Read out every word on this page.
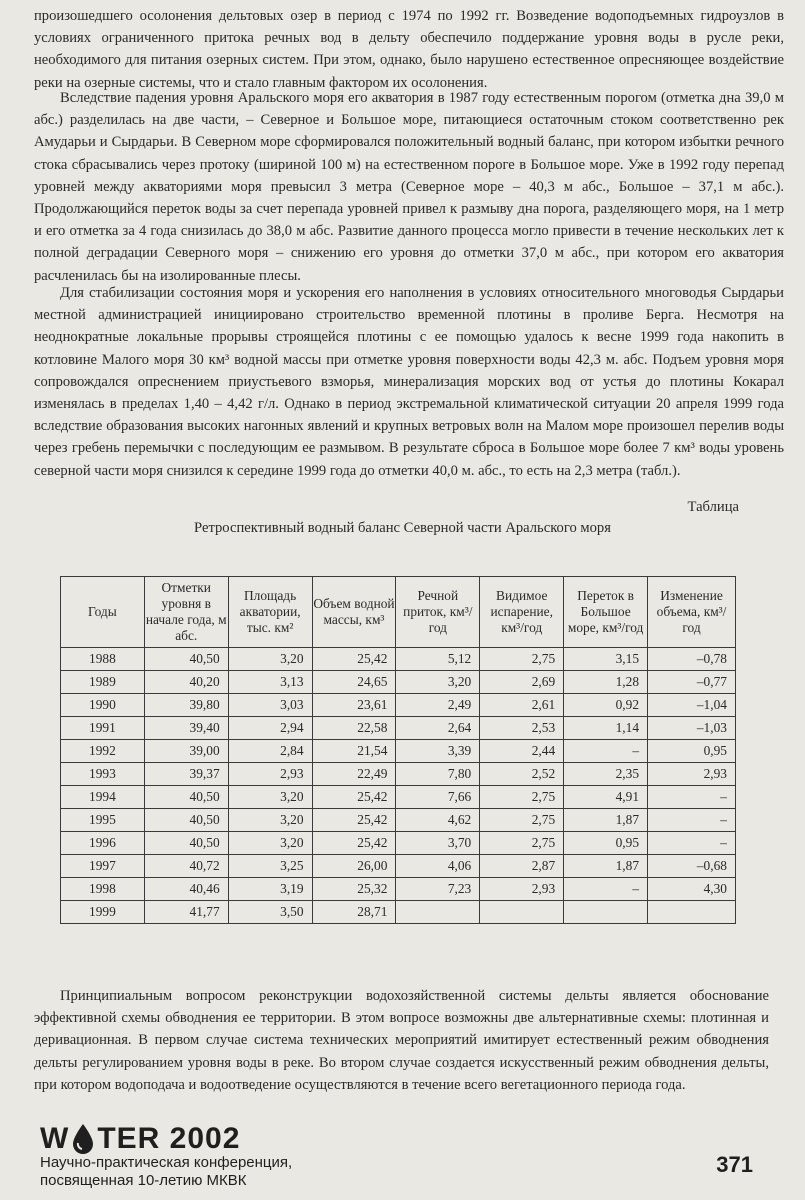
произошедшего осолонения дельтовых озер в период с 1974 по 1992 гг. Возведение водоподъемных гидроузлов в условиях ограниченного притока речных вод в дельту обеспечило поддержание уровня воды в русле реки, необходимого для питания озерных систем. При этом, однако, было нарушено естественное опресняющее воздействие реки на озерные системы, что и стало главным фактором их осолонения.

Вследствие падения уровня Аральского моря его акватория в 1987 году естественным порогом (отметка дна 39,0 м абс.) разделилась на две части, – Северное и Большое море, питающиеся остаточным стоком соответственно рек Амударьи и Сырдарьи. В Северном море сформировался положительный водный баланс, при котором избытки речного стока сбрасывались через протоку (шириной 100 м) на естественном пороге в Большое море. Уже в 1992 году перепад уровней между акваториями моря превысил 3 метра (Северное море – 40,3 м абс., Большое – 37,1 м абс.). Продолжающийся переток воды за счет перепада уровней привел к размыву дна порога, разделяющего моря, на 1 метр и его отметка за 4 года снизилась до 38,0 м абс. Развитие данного процесса могло привести в течение нескольких лет к полной деградации Северного моря – снижению его уровня до отметки 37,0 м абс., при котором его акватория расчленилась бы на изолированные плесы.

Для стабилизации состояния моря и ускорения его наполнения в условиях относительного многоводья Сырдарьи местной администрацией инициировано строительство временной плотины в проливе Берга. Несмотря на неоднократные локальные прорывы строящейся плотины с ее помощью удалось к весне 1999 года накопить в котловине Малого моря 30 км³ водной массы при отметке уровня поверхности воды 42,3 м. абс. Подъем уровня моря сопровождался опреснением приустьевого взморья, минерализация морских вод от устья до плотины Кокарал изменялась в пределах 1,40 – 4,42 г/л. Однако в период экстремальной климатической ситуации 20 апреля 1999 года вследствие образования высоких нагонных явлений и крупных ветровых волн на Малом море произошел перелив воды через гребень перемычки с последующим ее размывом. В результате сброса в Большое море более 7 км³ воды уровень северной части моря снизился к середине 1999 года до отметки 40,0 м. абс., то есть на 2,3 метра (табл.).

Таблица

Ретроспективный водный баланс Северной части Аральского моря

Годы	Отметки уровня в начале года, м абс.	Площадь акватории, тыс. км²	Объем водной массы, км³	Речной приток, км³/год	Видимое испарение, км³/год	Переток в Большое море, км³/год	Изменение объема, км³/год
1988	40,50	3,20	25,42	5,12	2,75	3,15	–0,78
1989	40,20	3,13	24,65	3,20	2,69	1,28	–0,77
1990	39,80	3,03	23,61	2,49	2,61	0,92	–1,04
1991	39,40	2,94	22,58	2,64	2,53	1,14	–1,03
1992	39,00	2,84	21,54	3,39	2,44	–	0,95
1993	39,37	2,93	22,49	7,80	2,52	2,35	2,93
1994	40,50	3,20	25,42	7,66	2,75	4,91	–
1995	40,50	3,20	25,42	4,62	2,75	1,87	–
1996	40,50	3,20	25,42	3,70	2,75	0,95	–
1997	40,72	3,25	26,00	4,06	2,87	1,87	–0,68
1998	40,46	3,19	25,32	7,23	2,93	–	4,30
1999	41,77	3,50	28,71				

Принципиальным вопросом реконструкции водохозяйственной системы дельты является обоснование эффективной схемы обводнения ее территории. В этом вопросе возможны две альтернативные схемы: плотинная и деривационная. В первом случае система технических мероприятий имитирует естественный режим обводнения дельты регулированием уровня воды в реке. Во втором случае создается искусственный режим обводнения дельты, при котором водоподача и водоотведение осуществляются в течение всего вегетационного периода года.

W TER 2002

Научно-практическая конференция,

посвященная 10-летию МКВК

371
